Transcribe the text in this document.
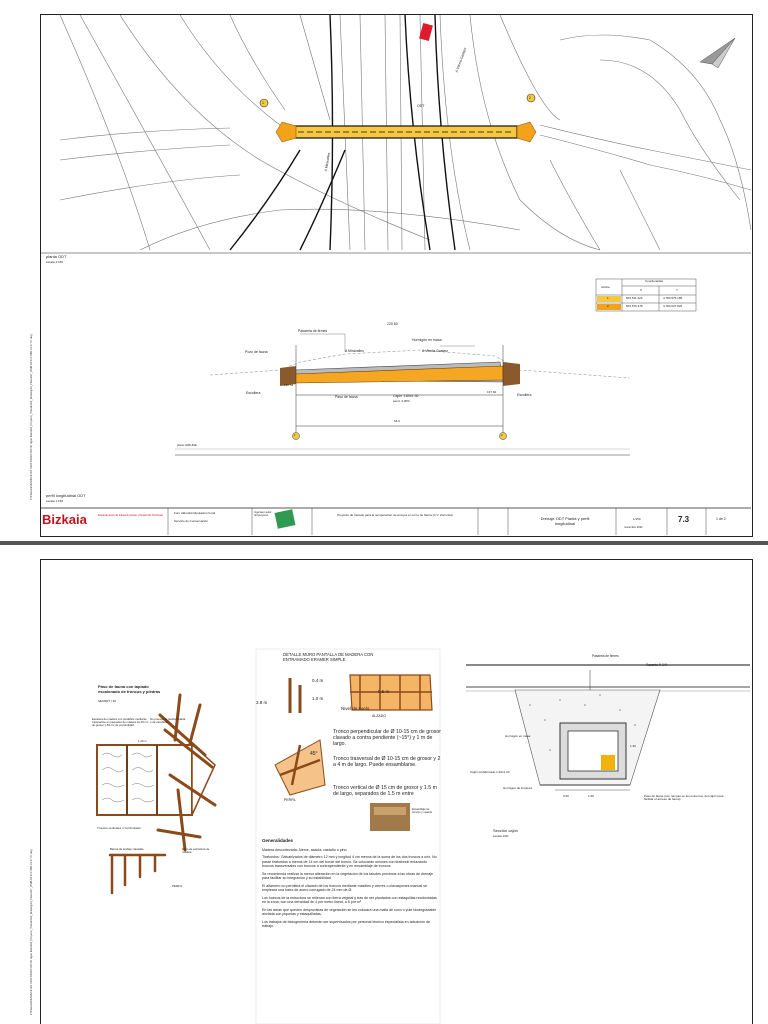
P:\Planos\2022\06\CE 001 0002 000000 000 00 Ugao Ibarra\02_Proyecto_Trazado\02_Drawings\4_Planos\07_2\MB-04 972 OBR-01 07 07.dwg
A Miravalles
A Vitoria-Gasteiz
ODT
1
2
planta ODT
escala 1:150
vértice
Coordenadas
X	Y
1	503.511.423	4.784.575.185
2	503.576.375	4.784.637.822
Pasarela de firmes
220.50
Hormigón en masa
Pozo de fauna	A Miravalles	A Vitoria-Gasteiz
198.54
197.84
Escollera	Escollera
Paso de fauna	Cajón 1.60x1.30
pend. 3.00%
54.0
1	2
plano HIRUDE
perfil longitudinal ODT
escala 1:150
Bizkaia	Departamento de Infraestructuras y Desarrollo Territorial
Foru Aldundia Diputación Foral
Servicio de Conservación
Ingeniero autor del proyecto	Proyecto de trazado para la recuperación de arroyos en el río de Ibarra (C.V. Zornotza)
Drenaje ODT Planta y perfil longitudinal
1/150	7.3	1 de 2
noviembre 2022
P:\Planos\2022\06\CE 001 0002 000000 000 00 Ugao Ibarra\02_Proyecto_Trazado\02_Drawings\4_Planos\07_2\MB-04 972 OBR-01 07 07.dwg
Paso de fauna con tapiado escalonado de troncos y piedras
SECRET / 30
Escalera de madera con peldaños mediante travesaños en paquetes de madera de 25 cm de grosor y 50 cm de profundidad
No precisa de piedra rodada o de escollera
Troncos verticales o horizontales
Barras de anclaje clavadas	Muro de estructura de madera
1.20 m
PERFIL
DETALLE MURO PANTALLA DE MADERA CON ENTRAMADO KRAMER SIMPLE
0.4 m
1.0 m
3.8 m
0.5 m
Nivel de suelo
ALZADO
45°
PERFIL
Tronco perpendicular de Ø 10-15 cm de grosor clavado a contra pendiente (~15°) y 1 m de largo.
Tronco trasversal de Ø 10-15 cm de grosor y 2 a 4 m de largo. Puede ensamblarse.
Tronco vertical de Ø 15 cm de grosor y 1.5 m de largo, separados de 1.5 m entre
Ensamblaje de troncos y materia
Generalidades

Madera descortezada: Alerce, acacia, castaño o pino

Tirafondos: Galvanizados de diámetro 12 mm y longitud 4 cm menos de la suma de los dos troncos a unir. No pasar tirafondos a menos de 14 cm del borde del tronco. Se colocarán uniones con tirafondo enlazando troncos transversales con troncos a contrapendiente y en ensamblaje de troncos.

Se recomienda realizar la menor alteración en la vegetación de los taludes próximos a las obras de drenaje para facilitar su integración y su estabilidad.

El alfarnero no permitirá el clavado de los troncos mediante mástiles y cierres o clavaspones manual se empleará una barra de acero corrugado de 24 mm de Ø.

Los huecos de la estructura se rellenan con tierra vegetal y tras de ser plantados con estaquillas recolectadas en la zona, con una densidad de 4 por metro lineal, a 8 por m².

En las áreas que queden desprovistas de vegetación se les colocará una malla de coco o yute biodegradable anclada con piquetas y estaquilladas.

Los trabajos de bioingeniería deberán ser supervisados por personal técnico especialista en actuación de trabajo.

Pasarela de firmes
Rasante N 240
Hormigón en masa
Cajón prefabricado 1.60x1.30
Hormigón de limpieza
Paso de fauna (con rampas en los extremos, del cajón para facilitar el acceso de fauna)
1.60
1.30
0.50
Sección cajón
escala 1/20
